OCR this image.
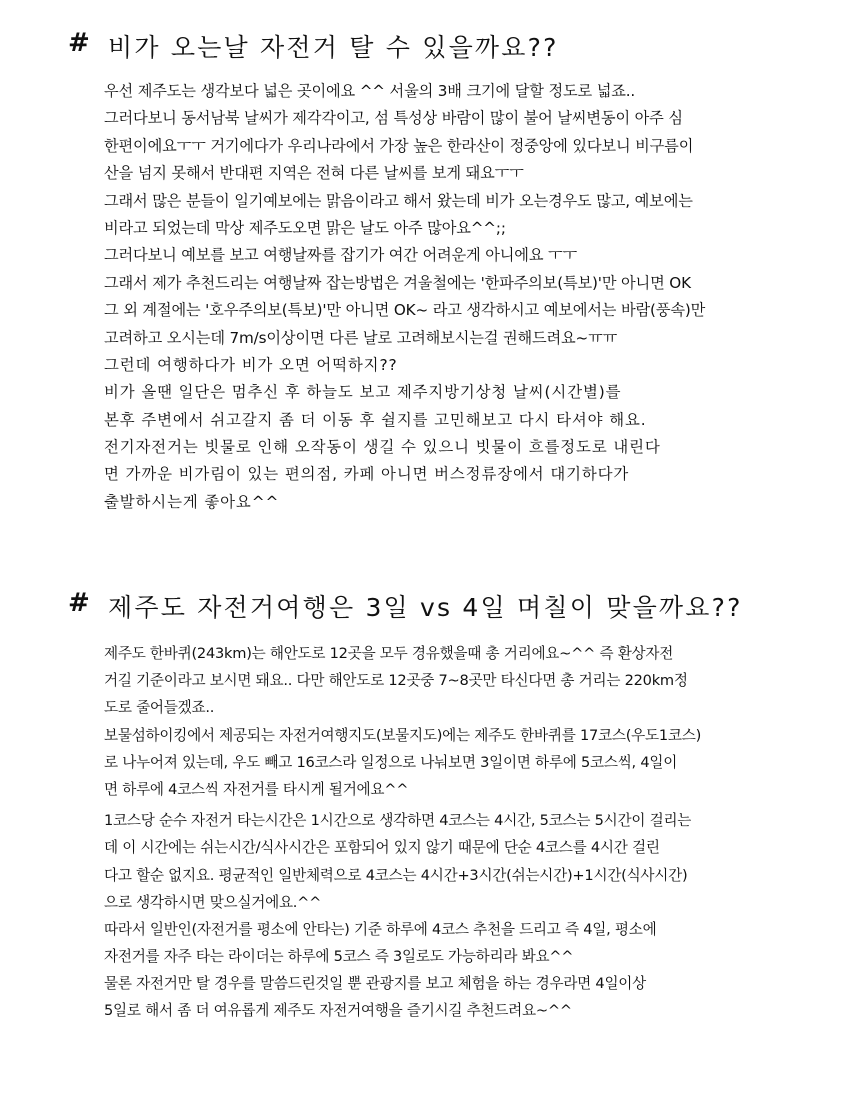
# 비가 오는날 자전거 탈 수 있을까요??
우선 제주도는 생각보다 넓은 곳이에요 ^^ 서울의 3배 크기에 달할 정도로 넓죠..
그러다보니 동서남북 날씨가 제각각이고, 섬 특성상 바람이 많이 불어 날씨변동이 아주 심
한편이에요ㅜㅜ 거기에다가 우리나라에서 가장 높은 한라산이 정중앙에 있다보니 비구름이
산을 넘지 못해서 반대편 지역은 전혀 다른 날씨를 보게 돼요ㅜㅜ
그래서 많은 분들이 일기예보에는 맑음이라고 해서 왔는데 비가 오는경우도 많고, 예보에는
비라고 되었는데 막상 제주도오면 맑은 날도 아주 많아요^^;;
그러다보니 예보를 보고 여행날짜를 잡기가 여간 어려운게 아니에요 ㅜㅜ
그래서 제가 추천드리는 여행날짜 잡는방법은 겨울철에는 '한파주의보(특보)'만 아니면 OK
그 외 계절에는 '호우주의보(특보)'만 아니면 OK~ 라고 생각하시고 예보에서는 바람(풍속)만
고려하고 오시는데 7m/s이상이면 다른 날로 고려해보시는걸 권해드려요~ㅠㅠ
그런데 여행하다가 비가 오면 어떡하지??
비가 올땐 일단은 멈추신 후 하늘도 보고 제주지방기상청 날씨(시간별)를
본후 주변에서 쉬고갈지 좀 더 이동 후 쉴지를 고민해보고 다시 타셔야 해요.
전기자전거는 빗물로 인해 오작동이 생길 수 있으니 빗물이 흐를정도로 내린다
면 가까운 비가림이 있는 편의점, 카페 아니면 버스정류장에서 대기하다가
출발하시는게 좋아요^^
# 제주도 자전거여행은 3일 vs 4일 며칠이 맞을까요??
제주도 한바퀴(243km)는 해안도로 12곳을 모두 경유했을때 총 거리에요~^^ 즉 환상자전
거길 기준이라고 보시면 돼요.. 다만 해안도로 12곳중 7~8곳만 타신다면 총 거리는 220km정
도로 줄어들겠죠..
보물섬하이킹에서 제공되는 자전거여행지도(보물지도)에는 제주도 한바퀴를 17코스(우도1코스)
로 나누어져 있는데, 우도 빼고 16코스라 일정으로 나눠보면 3일이면 하루에 5코스씩, 4일이
면 하루에 4코스씩 자전거를 타시게 될거에요^^
1코스당 순수 자전거 타는시간은 1시간으로 생각하면 4코스는 4시간, 5코스는 5시간이 걸리는
데 이 시간에는 쉬는시간/식사시간은 포함되어 있지 않기 때문에 단순 4코스를 4시간 걸린
다고 할순 없지요. 평균적인 일반체력으로 4코스는 4시간+3시간(쉬는시간)+1시간(식사시간)
으로 생각하시면 맞으실거에요.^^
따라서 일반인(자전거를 평소에 안타는) 기준 하루에 4코스 추천을 드리고 즉 4일, 평소에
자전거를 자주 타는 라이더는 하루에 5코스 즉 3일로도 가능하리라 봐요^^
물론 자전거만 탈 경우를 말씀드린것일 뿐 관광지를 보고 체험을 하는 경우라면 4일이상
5일로 해서 좀 더 여유롭게 제주도 자전거여행을 즐기시길 추천드려요~^^
